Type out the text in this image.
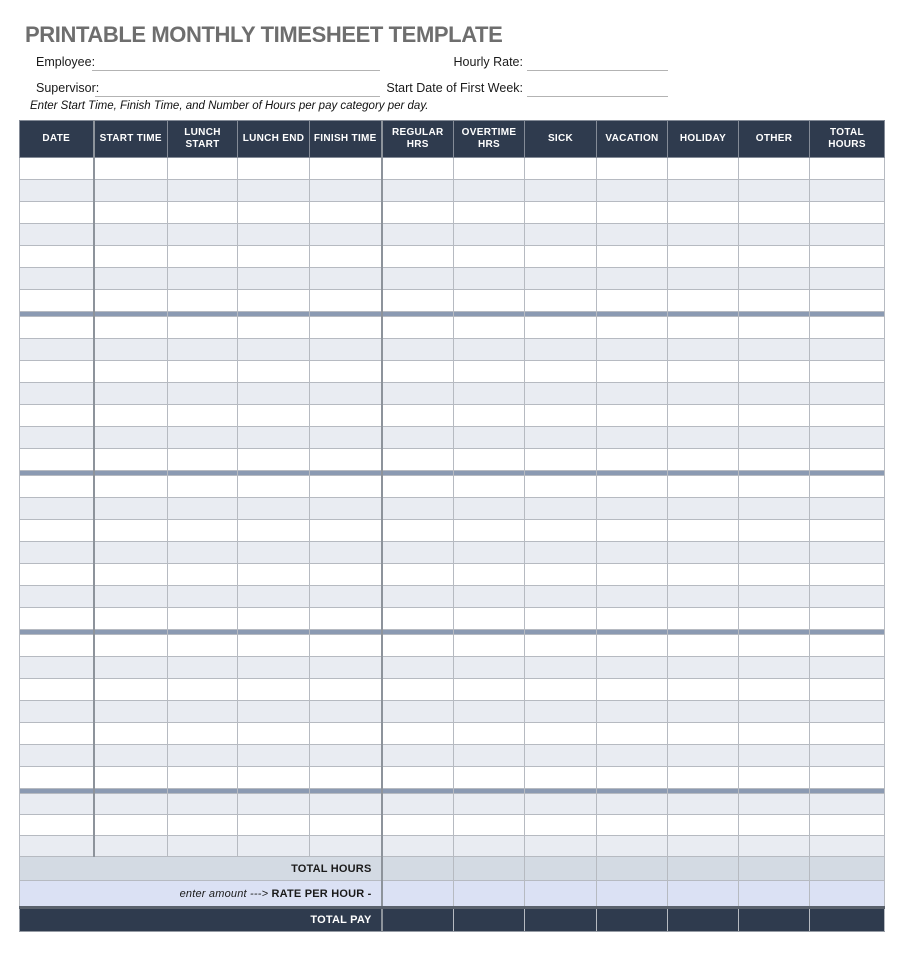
PRINTABLE MONTHLY TIMESHEET TEMPLATE
Employee:	Hourly Rate:
Supervisor:	Start Date of First Week:
Enter Start Time, Finish Time, and Number of Hours per pay category per day.
DATE	START TIME	LUNCH START	LUNCH END	FINISH TIME	REGULAR HRS	OVERTIME HRS	SICK	VACATION	HOLIDAY	OTHER	TOTAL HOURS

TOTAL HOURS											
enter amount ---> RATE PER HOUR -											
TOTAL PAY											
